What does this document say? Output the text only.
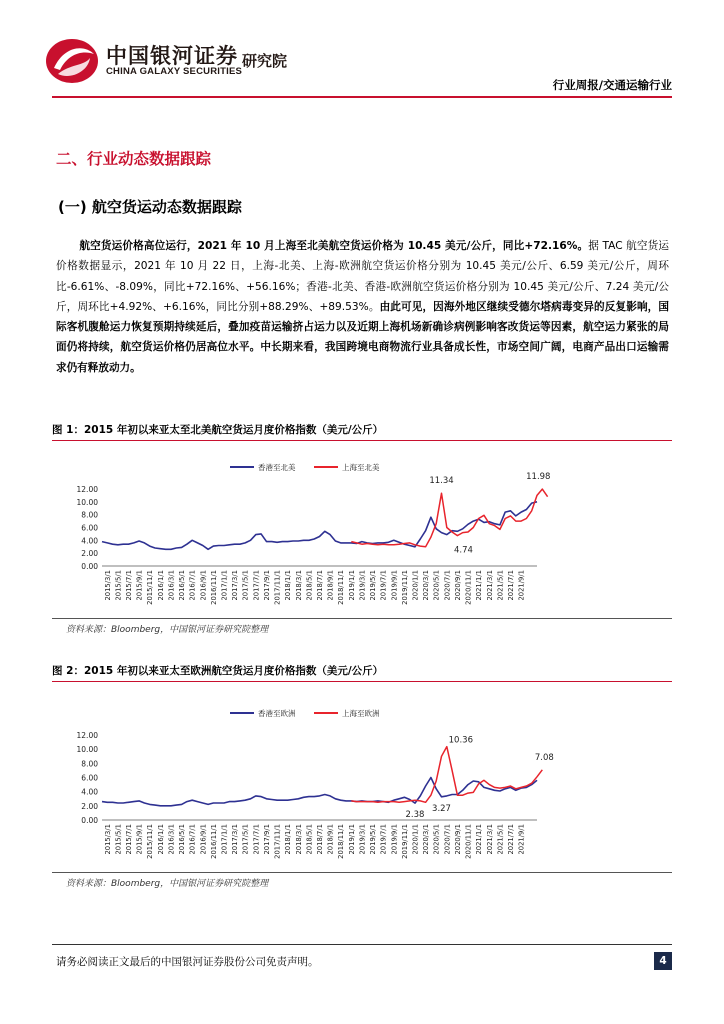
中国银河证券
CHINA GALAXY SECURITIES
研究院
行业周报/交通运输行业
二、行业动态数据跟踪
(一) 航空货运动态数据跟踪
航空货运价格高位运行，2021 年 10 月上海至北美航空货运价格为 10.45 美元/公斤，同比+72.16%。据 TAC 航空货运价格数据显示，2021 年 10 月 22 日，上海-北美、上海-欧洲航空货运价格分别为 10.45 美元/公斤、6.59 美元/公斤，周环比-6.61%、-8.09%，同比+72.16%、+56.16%；香港-北美、香港-欧洲航空货运价格分别为 10.45 美元/公斤、7.24 美元/公斤，周环比+4.92%、+6.16%，同比分别+88.29%、+89.53%。由此可见，因海外地区继续受德尔塔病毒变异的反复影响，国际客机腹舱运力恢复预期持续延后，叠加疫苗运输挤占运力以及近期上海机场新确诊病例影响客改货运等因素，航空运力紧张的局面仍将持续，航空货运价格仍居高位水平。中长期来看，我国跨境电商物流行业具备成长性，市场空间广阔，电商产品出口运输需求仍有释放动力。
图 1：2015 年初以来亚太至北美航空货运月度价格指数（美元/公斤）
香港至北美	上海至北美
0.00
2.00
4.00
6.00
8.00
10.00
12.00
2015/3/1 2015/5/1 2015/7/1 2015/9/1 2015/11/1 2016/1/1 2016/3/1 2016/5/1 2016/7/1 2016/9/1 2016/11/1 2017/1/1 2017/3/1 2017/5/1 2017/7/1 2017/9/1 2017/11/1 2018/1/1 2018/3/1 2018/5/1 2018/7/1 2018/9/1 2018/11/1 2019/1/1 2019/3/1 2019/5/1 2019/7/1 2019/9/1 2019/11/1 2020/1/1 2020/3/1 2020/5/1 2020/7/1 2020/9/1 2020/11/1 2021/1/1 2021/3/1 2021/5/1 2021/7/1 2021/9/1
11.34
4.74
11.98
资料来源：Bloomberg，中国银河证券研究院整理
图 2：2015 年初以来亚太至欧洲航空货运月度价格指数（美元/公斤）
香港至欧洲	上海至欧洲
0.00
2.00
4.00
6.00
8.00
10.00
12.00
2015/3/1 2015/5/1 2015/7/1 2015/9/1 2015/11/1 2016/1/1 2016/3/1 2016/5/1 2016/7/1 2016/9/1 2016/11/1 2017/1/1 2017/3/1 2017/5/1 2017/7/1 2017/9/1 2017/11/1 2018/1/1 2018/3/1 2018/5/1 2018/7/1 2018/9/1 2018/11/1 2019/1/1 2019/3/1 2019/5/1 2019/7/1 2019/9/1 2019/11/1 2020/1/1 2020/3/1 2020/5/1 2020/7/1 2020/9/1 2020/11/1 2021/1/1 2021/3/1 2021/5/1 2021/7/1 2021/9/1
10.36
2.38
3.27
7.08
资料来源：Bloomberg，中国银河证券研究院整理
请务必阅读正文最后的中国银河证券股份公司免责声明。	4
